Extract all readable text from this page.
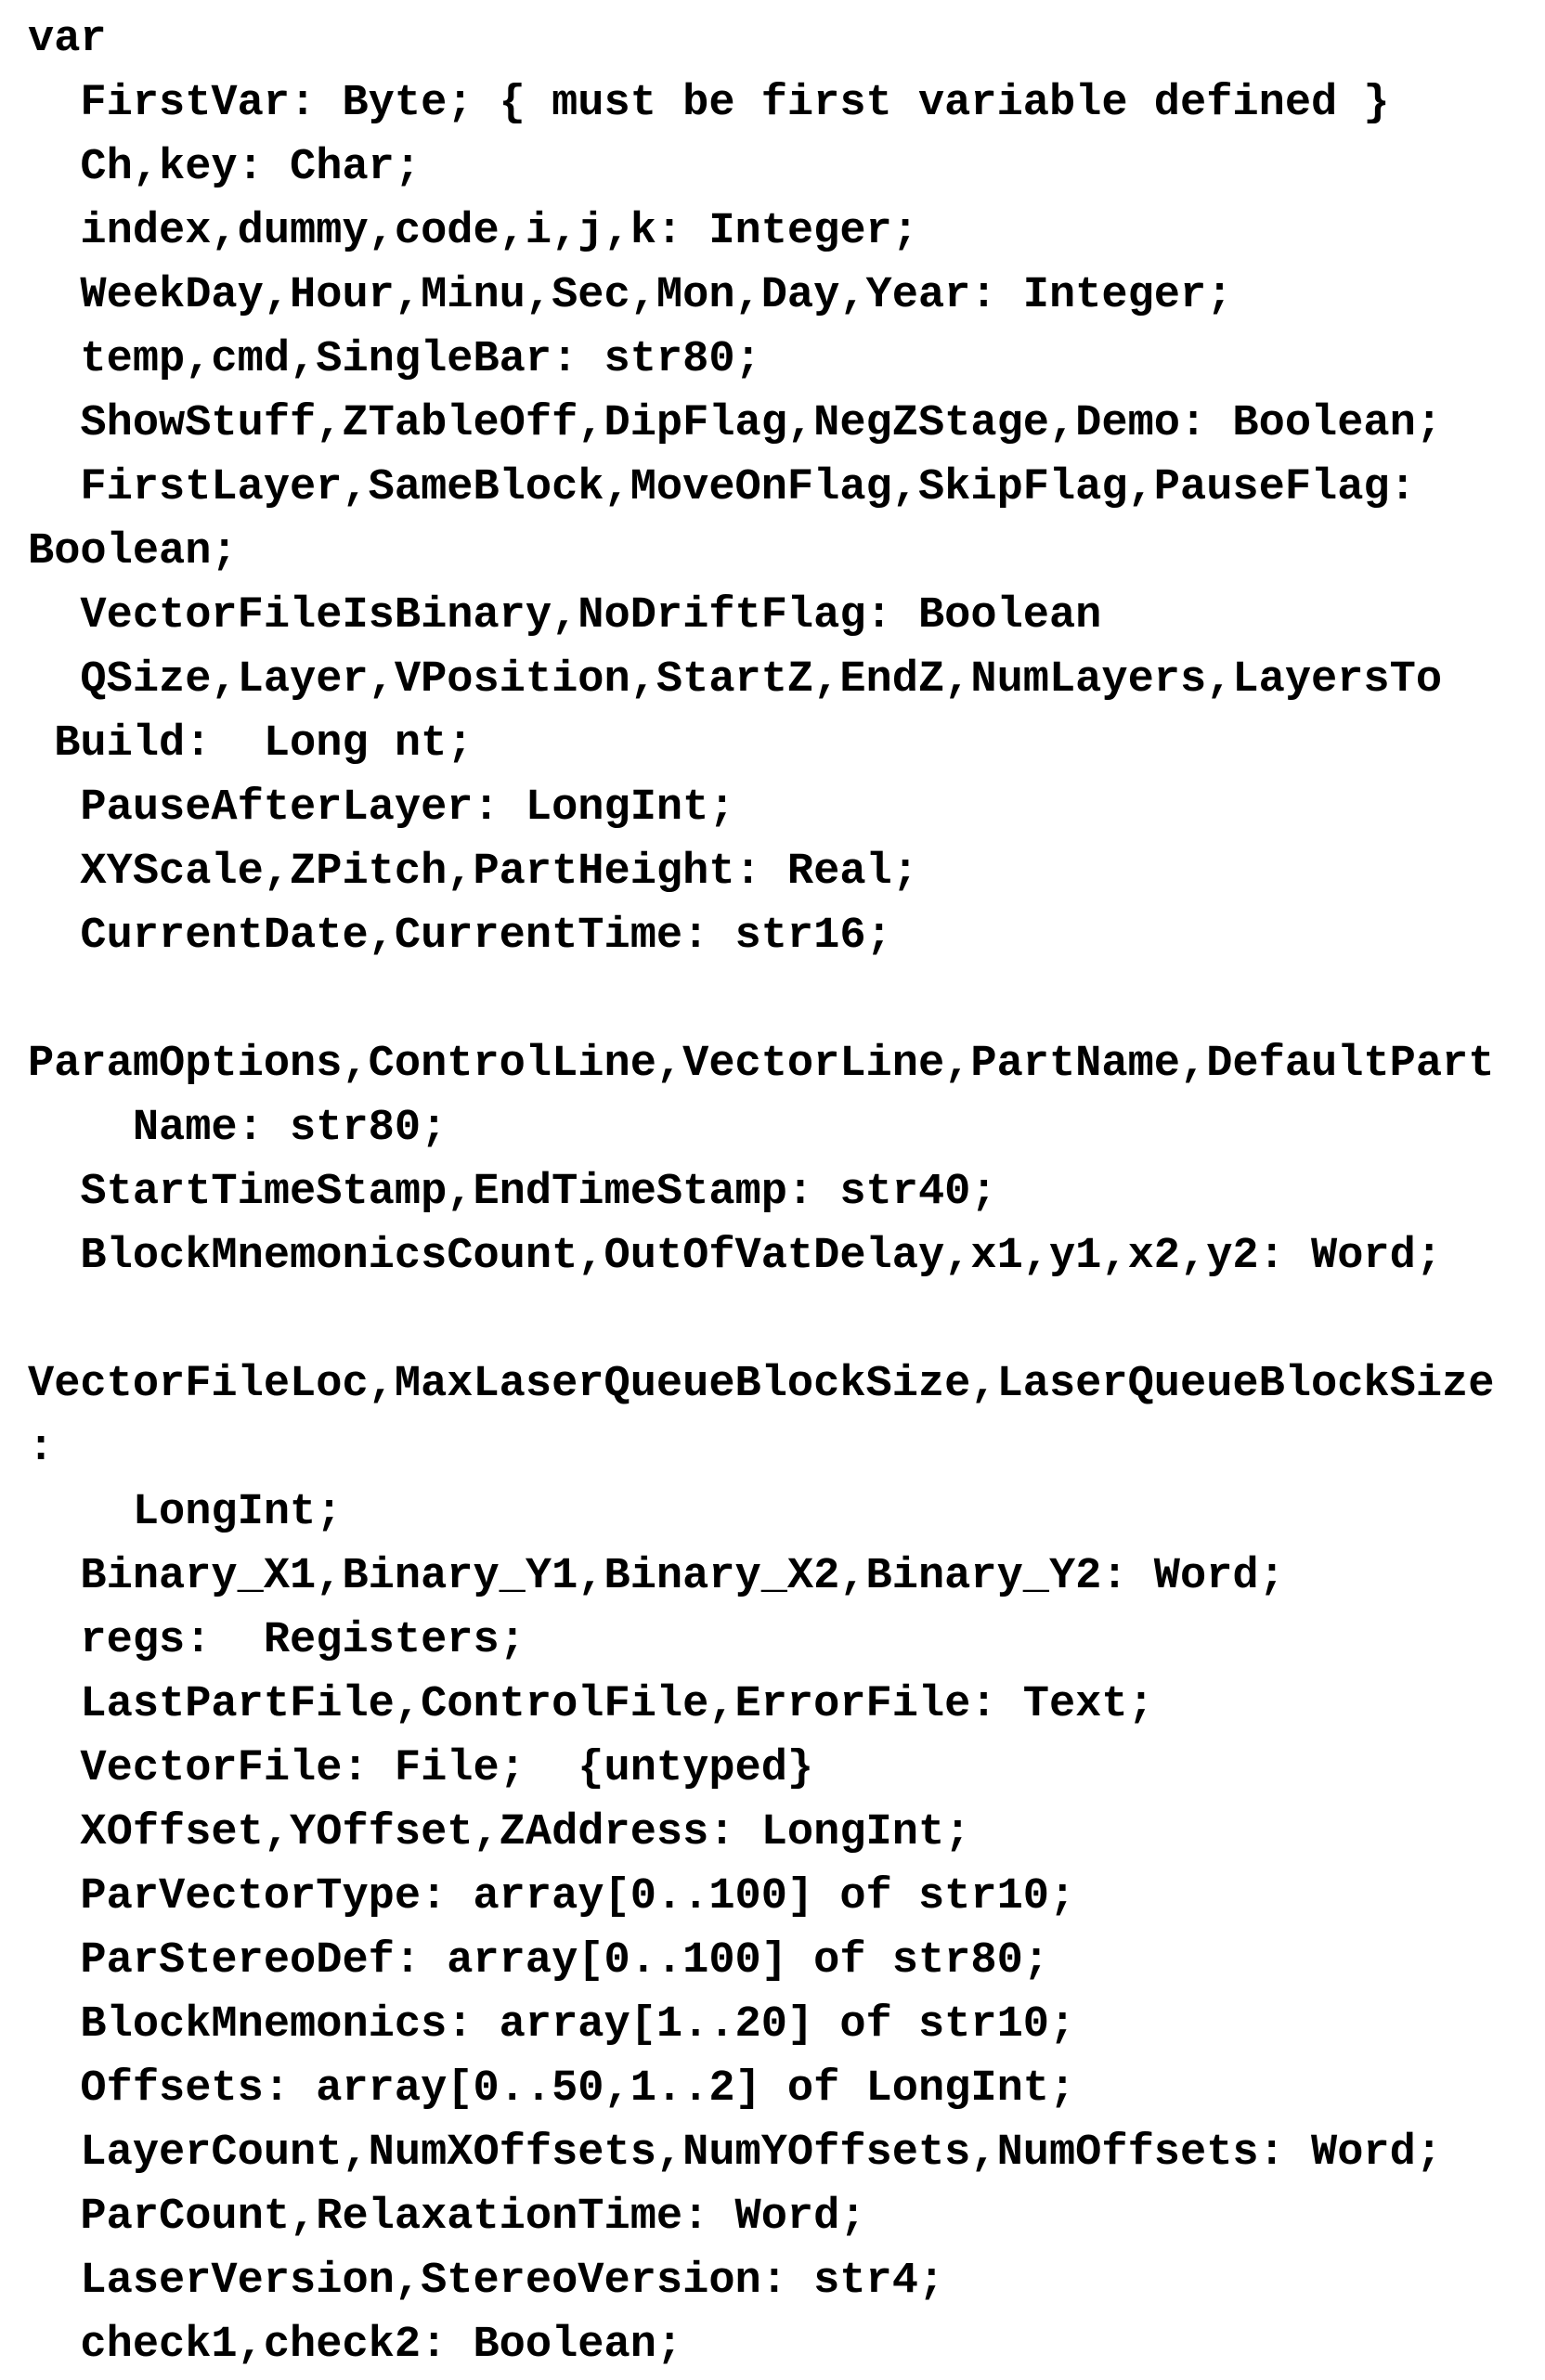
var
FirstVar: Byte; { must be first variable defined }
Ch,key: Char;
index,dummy,code,i,j,k: Integer;
WeekDay,Hour,Minu,Sec,Mon,Day,Year: Integer;
temp,cmd,SingleBar: str80;
ShowStuff,ZTableOff,DipFlag,NegZStage,Demo: Boolean;
FirstLayer,SameBlock,MoveOnFlag,SkipFlag,PauseFlag:
Boolean;
VectorFileIsBinary,NoDriftFlag: Boolean
QSize,Layer,VPosition,StartZ,EndZ,NumLayers,LayersTo
Build:  Long nt;
PauseAfterLayer: LongInt;
XYScale,ZPitch,PartHeight: Real;
CurrentDate,CurrentTime: str16;

ParamOptions,ControlLine,VectorLine,PartName,DefaultPart
Name: str80;
StartTimeStamp,EndTimeStamp: str40;
BlockMnemonicsCount,OutOfVatDelay,x1,y1,x2,y2: Word;

VectorFileLoc,MaxLaserQueueBlockSize,LaserQueueBlockSize
:
LongInt;
Binary_X1,Binary_Y1,Binary_X2,Binary_Y2: Word;
regs:  Registers;
LastPartFile,ControlFile,ErrorFile: Text;
VectorFile: File;  {untyped}
XOffset,YOffset,ZAddress: LongInt;
ParVectorType: array[0..100] of str10;
ParStereoDef: array[0..100] of str80;
BlockMnemonics: array[1..20] of str10;
Offsets: array[0..50,1..2] of LongInt;
LayerCount,NumXOffsets,NumYOffsets,NumOffsets: Word;
ParCount,RelaxationTime: Word;
LaserVersion,StereoVersion: str4;
check1,check2: Boolean;
